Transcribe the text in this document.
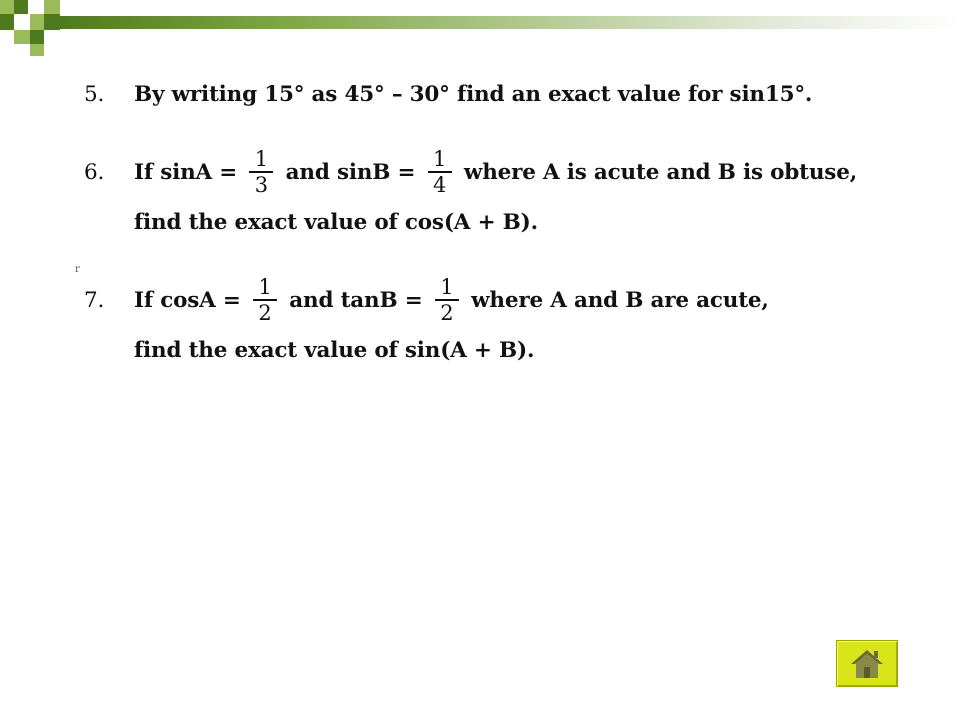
5.	By writing 15° as 45° – 30° find an exact value for sin15°.
6.	If $\sin A = \frac{1}{3}$ and $\sin B = \frac{1}{4}$ where A is acute and B is obtuse,
find the exact value of cos(A + B).
r
7.	If $\cos A = \frac{1}{2}$ and $\tan B = \frac{1}{2}$ where A and B are acute,
find the exact value of sin(A + B).
